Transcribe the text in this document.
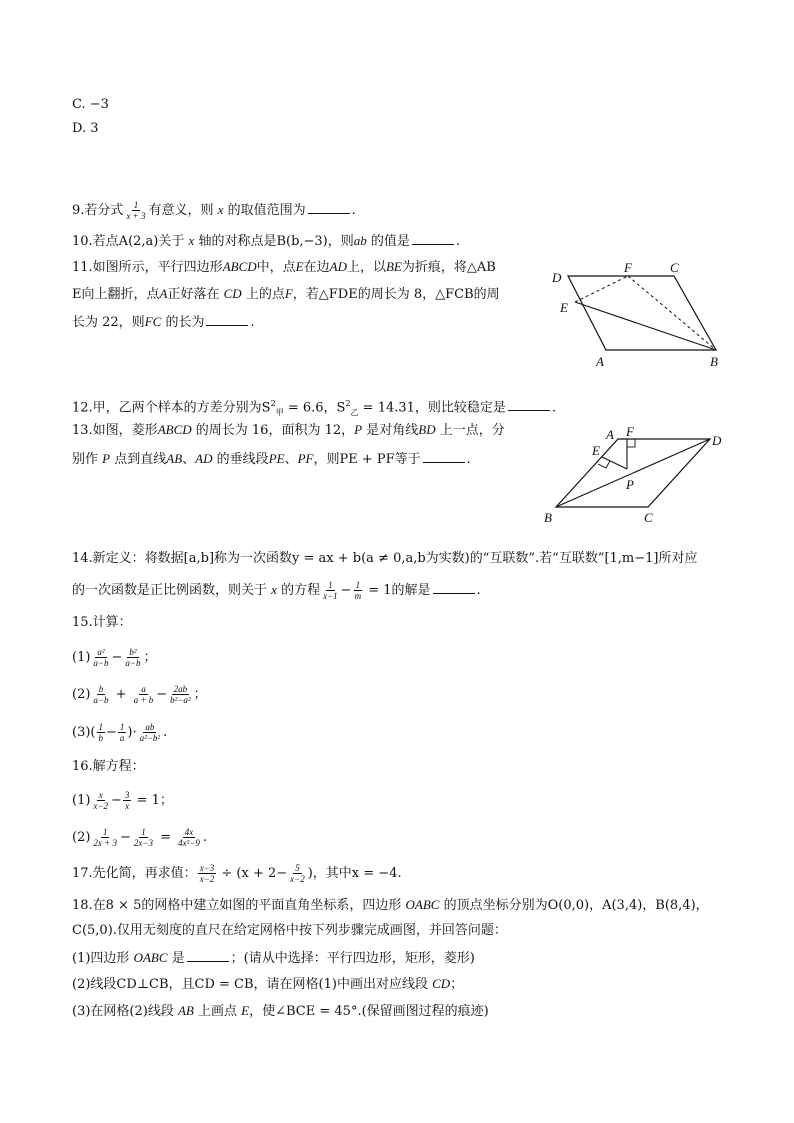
C. −3
D. 3
9.若分式 $\frac{1}{x + 3}$ 有意义，则 x 的取值范围为	.
10.若点A(2,a)关于 x 轴的对称点是B(b,−3)，则ab 的值是	.
11.如图所示，平行四边形ABCD中，点E在边AD上，以BE为折痕，将△AB
E向上翻折，点A正好落在 CD 上的点F，若△FDE的周长为 8，△FCB的周
长为 22，则FC 的长为	.
D
F	C
E
A	B
12.甲，乙两个样本的方差分别为$S^2_甲 = 6.6$，$S^2_乙 = 14.31$，则比较稳定是	.
13.如图，菱形ABCD 的周长为 16，面积为 12，P 是对角线BD 上一点，分
别作 P 点到直线AB、AD 的垂线段PE、PF，则PE + PF等于	.
A F
D
E
P
B	C
14.新定义：将数据[a,b]称为一次函数y = ax + b(a ≠ 0,a,b为实数)的“互联数”.若“互联数”[1,m−1]所对应
的一次函数是正比例函数，则关于 x 的方程 $\frac{1}{x-1} - \frac{1}{m} = 1$的解是	.
15.计算：
$(1) \frac{\text{a²}}{a-b} - \frac{\text{b²}}{a-b}$ ；
$(2) \frac{b}{a-b} + \frac{a}{a + b} - \frac{2ab}{\text{b²−a²}}$ ；
$(3)( \frac{1}{b} - \frac{1}{a}$ )· $\frac{ab}{\text{a²−b²}}$ .
16.解方程：
$(1) \frac{x}{x-2} - \frac{3}{x} = 1$；
$(2) \frac{1}{2x + 3} - \frac{1}{2x-3} = \frac{4x}{\text{4x²−9}}$ .
17.先化简，再求值： $\frac{x-3}{x-2} \div (x + 2- \frac{5}{x-2}$ )，其中x = −4.
18.在8 × 5的网格中建立如图的平面直角坐标系，四边形 OABC 的顶点坐标分别为O(0,0)，A(3,4)，B(8,4)，
C(5,0).仅用无刻度的直尺在给定网格中按下列步骤完成画图，并回答问题：
(1)四边形 OABC 是	；(请从中选择：平行四边形，矩形，菱形)
(2)线段CD⊥CB，且CD = CB，请在网格(1)中画出对应线段 CD；
(3)在网格(2)线段 AB 上画点 E，使∠BCE = 45°.(保留画图过程的痕迹)
